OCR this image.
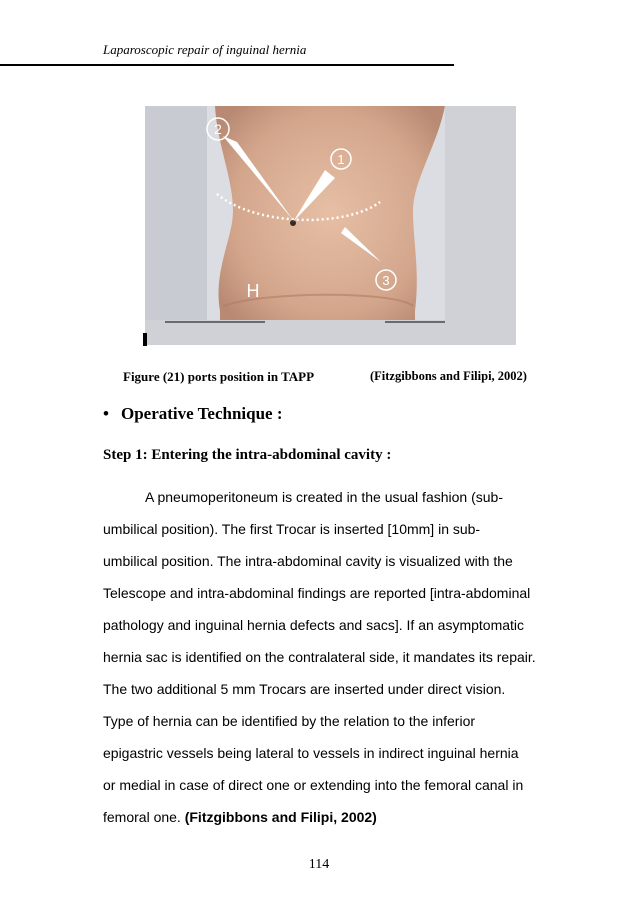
Laparoscopic repair of inguinal hernia
2
1
3
H
Figure (21) ports position in TAPP	(Fitzgibbons and Filipi, 2002)
• Operative Technique :
Step 1: Entering the intra-abdominal cavity :
A pneumoperitoneum is created in the usual fashion (sub-
umbilical position). The first Trocar is inserted [10mm] in sub-
umbilical position. The intra-abdominal cavity is visualized with the
Telescope and intra-abdominal findings are reported [intra-abdominal
pathology and inguinal hernia defects and sacs]. If an asymptomatic
hernia sac is identified on the contralateral side, it mandates its repair.
The two additional 5 mm Trocars are inserted under direct vision.
Type of hernia can be identified by the relation to the inferior
epigastric vessels being lateral to vessels in indirect inguinal hernia
or medial in case of direct one or extending into the femoral canal in
femoral one. (Fitzgibbons and Filipi, 2002)
114
